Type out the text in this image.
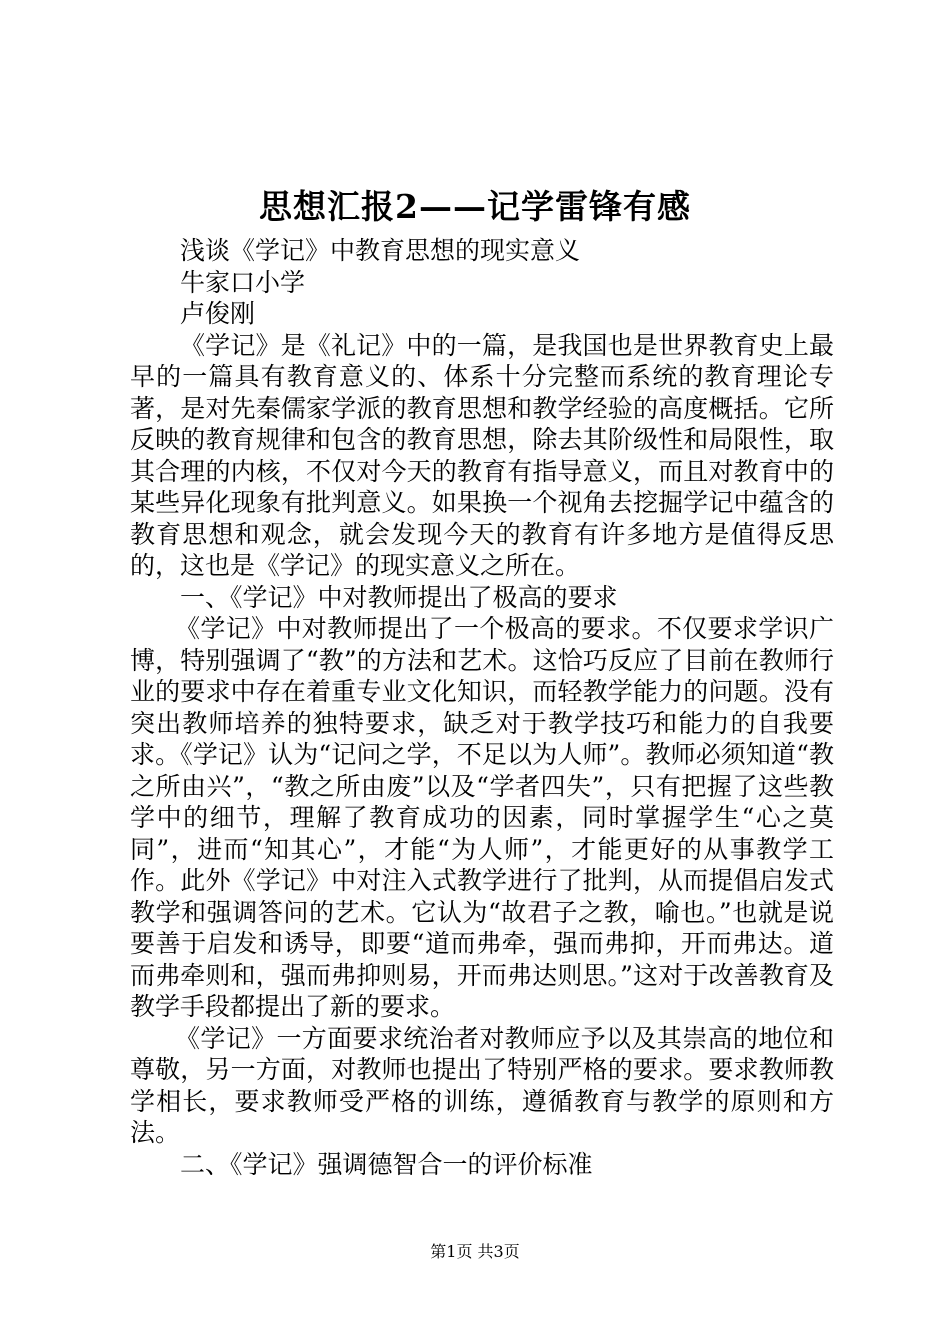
思想汇报2——记学雷锋有感

浅谈《学记》中教育思想的现实意义

牛家口小学

卢俊刚

《学记》是《礼记》中的一篇，是我国也是世界教育史上最早的一篇具有教育意义的、体系十分完整而系统的教育理论专著，是对先秦儒家学派的教育思想和教学经验的高度概括。它所反映的教育规律和包含的教育思想，除去其阶级性和局限性，取其合理的内核，不仅对今天的教育有指导意义，而且对教育中的某些异化现象有批判意义。如果换一个视角去挖掘学记中蕴含的教育思想和观念，就会发现今天的教育有许多地方是值得反思的，这也是《学记》的现实意义之所在。

一、《学记》中对教师提出了极高的要求

《学记》中对教师提出了一个极高的要求。不仅要求学识广博，特别强调了“教”的方法和艺术。这恰巧反应了目前在教师行业的要求中存在着重专业文化知识，而轻教学能力的问题。没有突出教师培养的独特要求，缺乏对于教学技巧和能力的自我要求。《学记》认为“记问之学，不足以为人师”。教师必须知道“教之所由兴”，“教之所由废”以及“学者四失”，只有把握了这些教学中的细节，理解了教育成功的因素，同时掌握学生“心之莫同”，进而“知其心”，才能“为人师”，才能更好的从事教学工作。此外《学记》中对注入式教学进行了批判，从而提倡启发式教学和强调答问的艺术。它认为“故君子之教，喻也。”也就是说要善于启发和诱导，即要“道而弗牵，强而弗抑，开而弗达。道而弗牵则和，强而弗抑则易，开而弗达则思。”这对于改善教育及教学手段都提出了新的要求。

《学记》一方面要求统治者对教师应予以及其崇高的地位和尊敬，另一方面，对教师也提出了特别严格的要求。要求教师教学相长，要求教师受严格的训练，遵循教育与教学的原则和方法。

二、《学记》强调德智合一的评价标准

第1页 共3页
